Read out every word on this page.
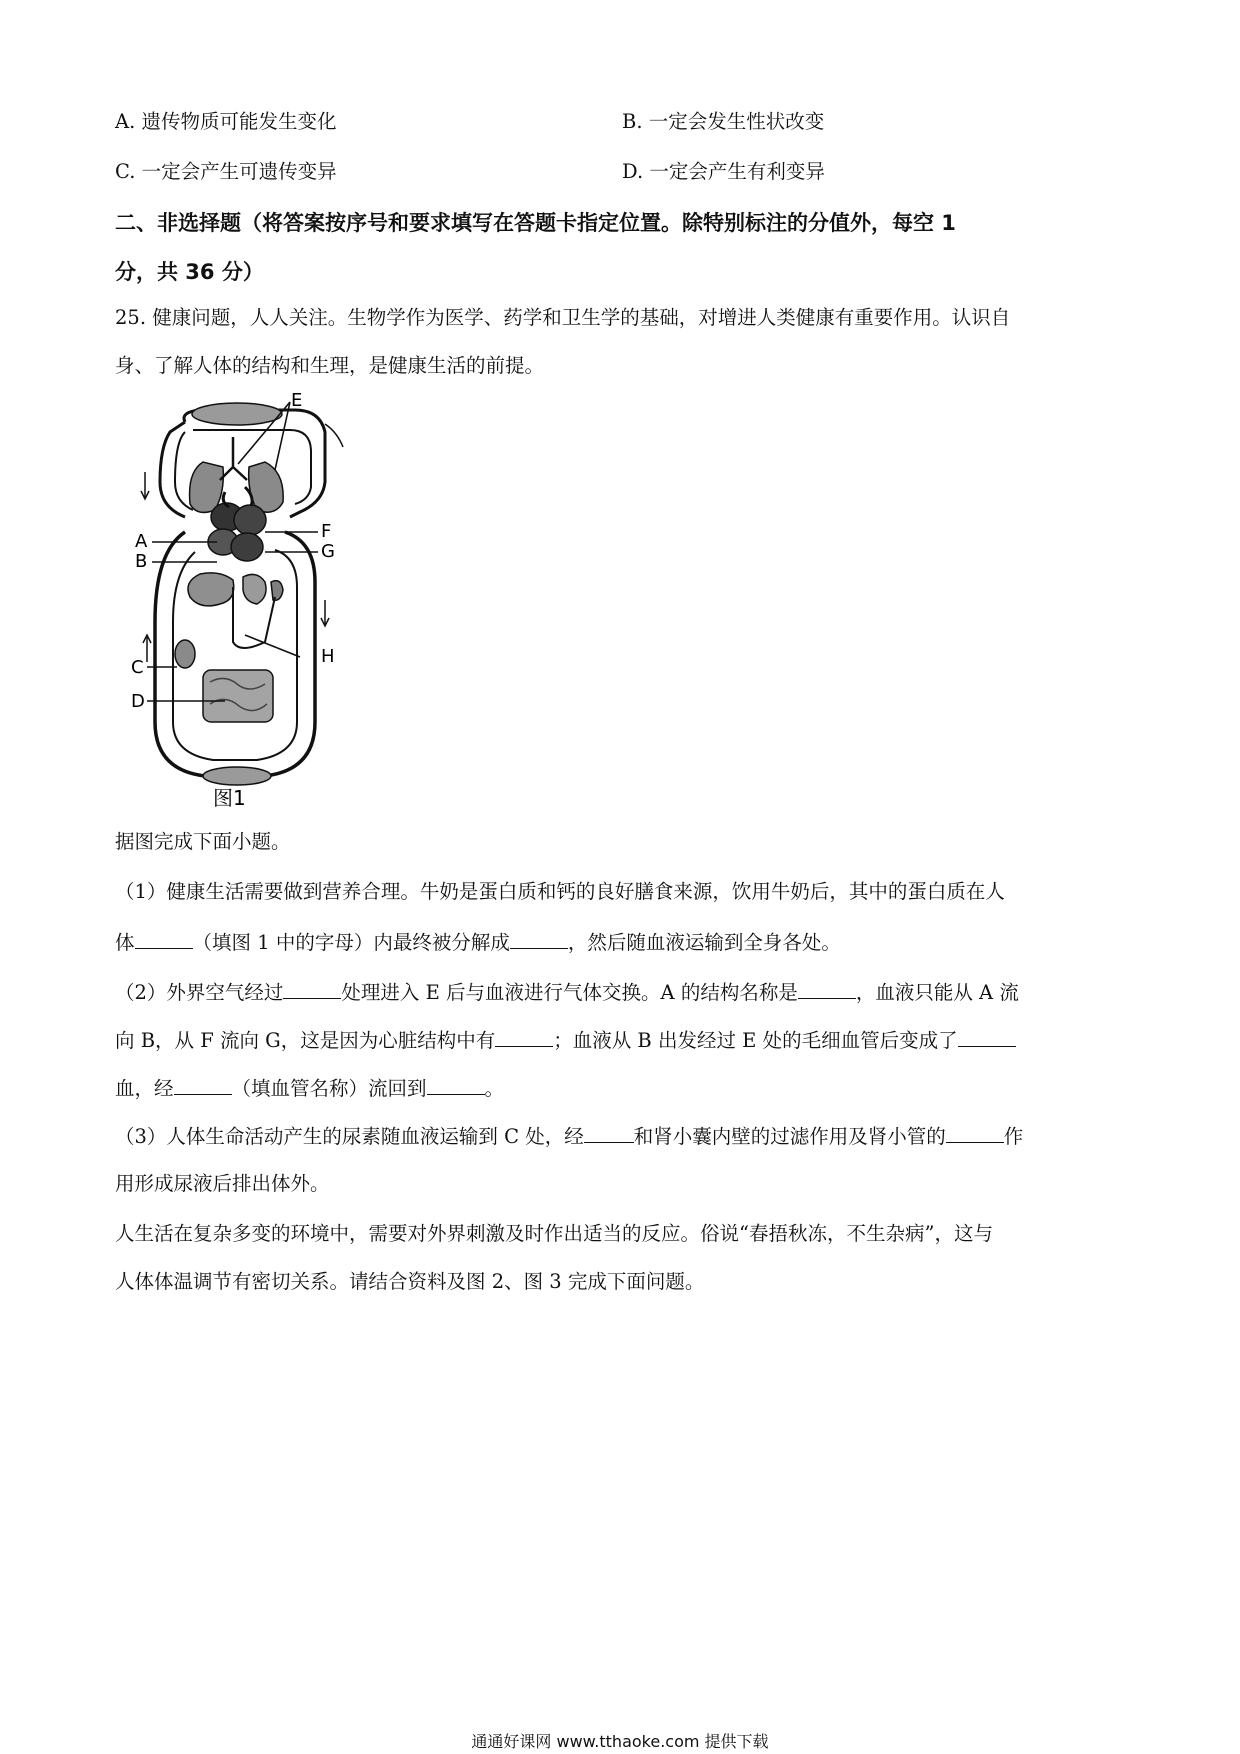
A. 遗传物质可能发生变化	B. 一定会发生性状改变
C. 一定会产生可遗传变异	D. 一定会产生有利变异
二、非选择题（将答案按序号和要求填写在答题卡指定位置。除特别标注的分值外，每空 1
分，共 36 分）
25. 健康问题，人人关注。生物学作为医学、药学和卫生学的基础，对增进人类健康有重要作用。认识自
身、了解人体的结构和生理，是健康生活的前提。
E
A
B
F
G
C
D
H
图1
据图完成下面小题。
（1）健康生活需要做到营养合理。牛奶是蛋白质和钙的良好膳食来源，饮用牛奶后，其中的蛋白质在人
体	（填图 1 中的字母）内最终被分解成	，然后随血液运输到全身各处。
（2）外界空气经过	处理进入 E 后与血液进行气体交换。A 的结构名称是	，血液只能从 A 流
向 B，从 F 流向 G，这是因为心脏结构中有	；血液从 B 出发经过 E 处的毛细血管后变成了
血，经	（填血管名称）流回到	。
（3）人体生命活动产生的尿素随血液运输到 C 处，经	和肾小囊内壁的过滤作用及肾小管的	作
用形成尿液后排出体外。
人生活在复杂多变的环境中，需要对外界刺激及时作出适当的反应。俗说“春捂秋冻，不生杂病”，这与
人体体温调节有密切关系。请结合资料及图 2、图 3 完成下面问题。
通通好课网 www.tthaoke.com 提供下载
